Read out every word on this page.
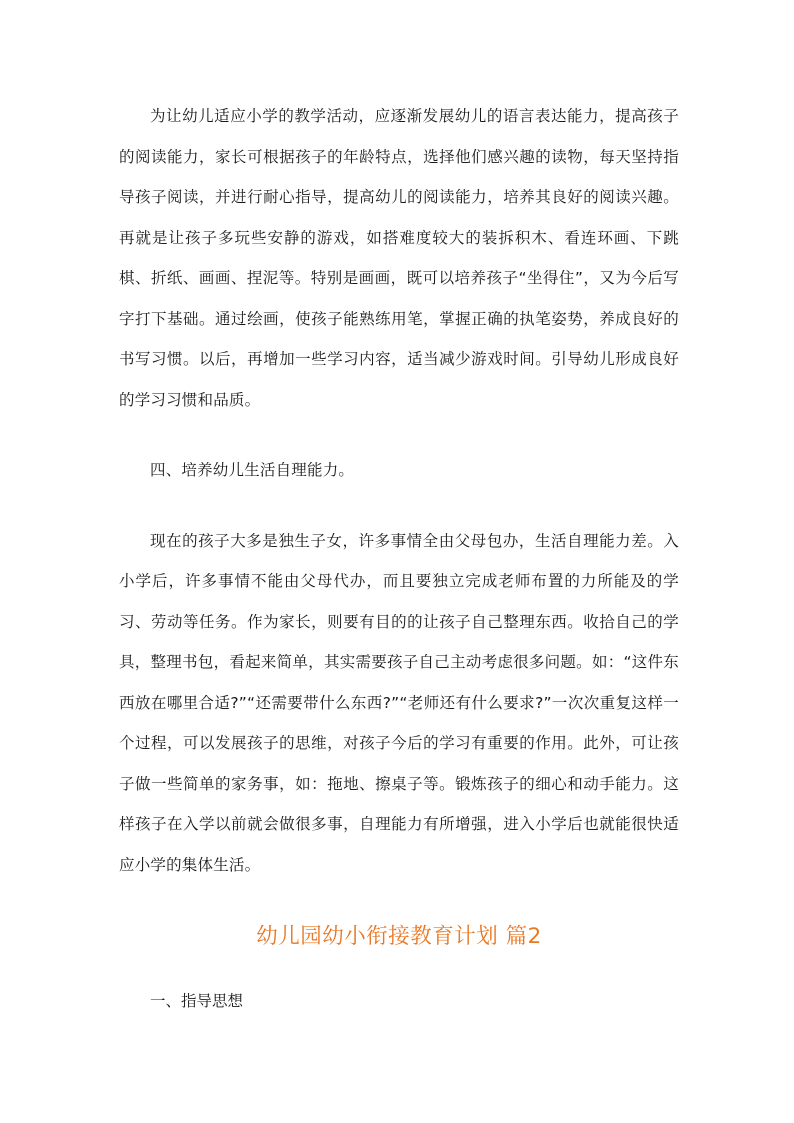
为让幼儿适应小学的教学活动，应逐渐发展幼儿的语言表达能力，提高孩子的阅读能力，家长可根据孩子的年龄特点，选择他们感兴趣的读物，每天坚持指导孩子阅读，并进行耐心指导，提高幼儿的阅读能力，培养其良好的阅读兴趣。再就是让孩子多玩些安静的游戏，如搭难度较大的装拆积木、看连环画、下跳棋、折纸、画画、捏泥等。特别是画画，既可以培养孩子“坐得住”，又为今后写字打下基础。通过绘画，使孩子能熟练用笔，掌握正确的执笔姿势，养成良好的书写习惯。以后，再增加一些学习内容，适当减少游戏时间。引导幼儿形成良好的学习习惯和品质。

四、培养幼儿生活自理能力。

现在的孩子大多是独生子女，许多事情全由父母包办，生活自理能力差。入小学后，许多事情不能由父母代办，而且要独立完成老师布置的力所能及的学习、劳动等任务。作为家长，则要有目的的让孩子自己整理东西。收拾自己的学具，整理书包，看起来简单，其实需要孩子自己主动考虑很多问题。如：“这件东西放在哪里合适?”“还需要带什么东西?”“老师还有什么要求?”一次次重复这样一个过程，可以发展孩子的思维，对孩子今后的学习有重要的作用。此外，可让孩子做一些简单的家务事，如：拖地、擦桌子等。锻炼孩子的细心和动手能力。这样孩子在入学以前就会做很多事，自理能力有所增强，进入小学后也就能很快适应小学的集体生活。

幼儿园幼小衔接教育计划 篇2

一、指导思想
